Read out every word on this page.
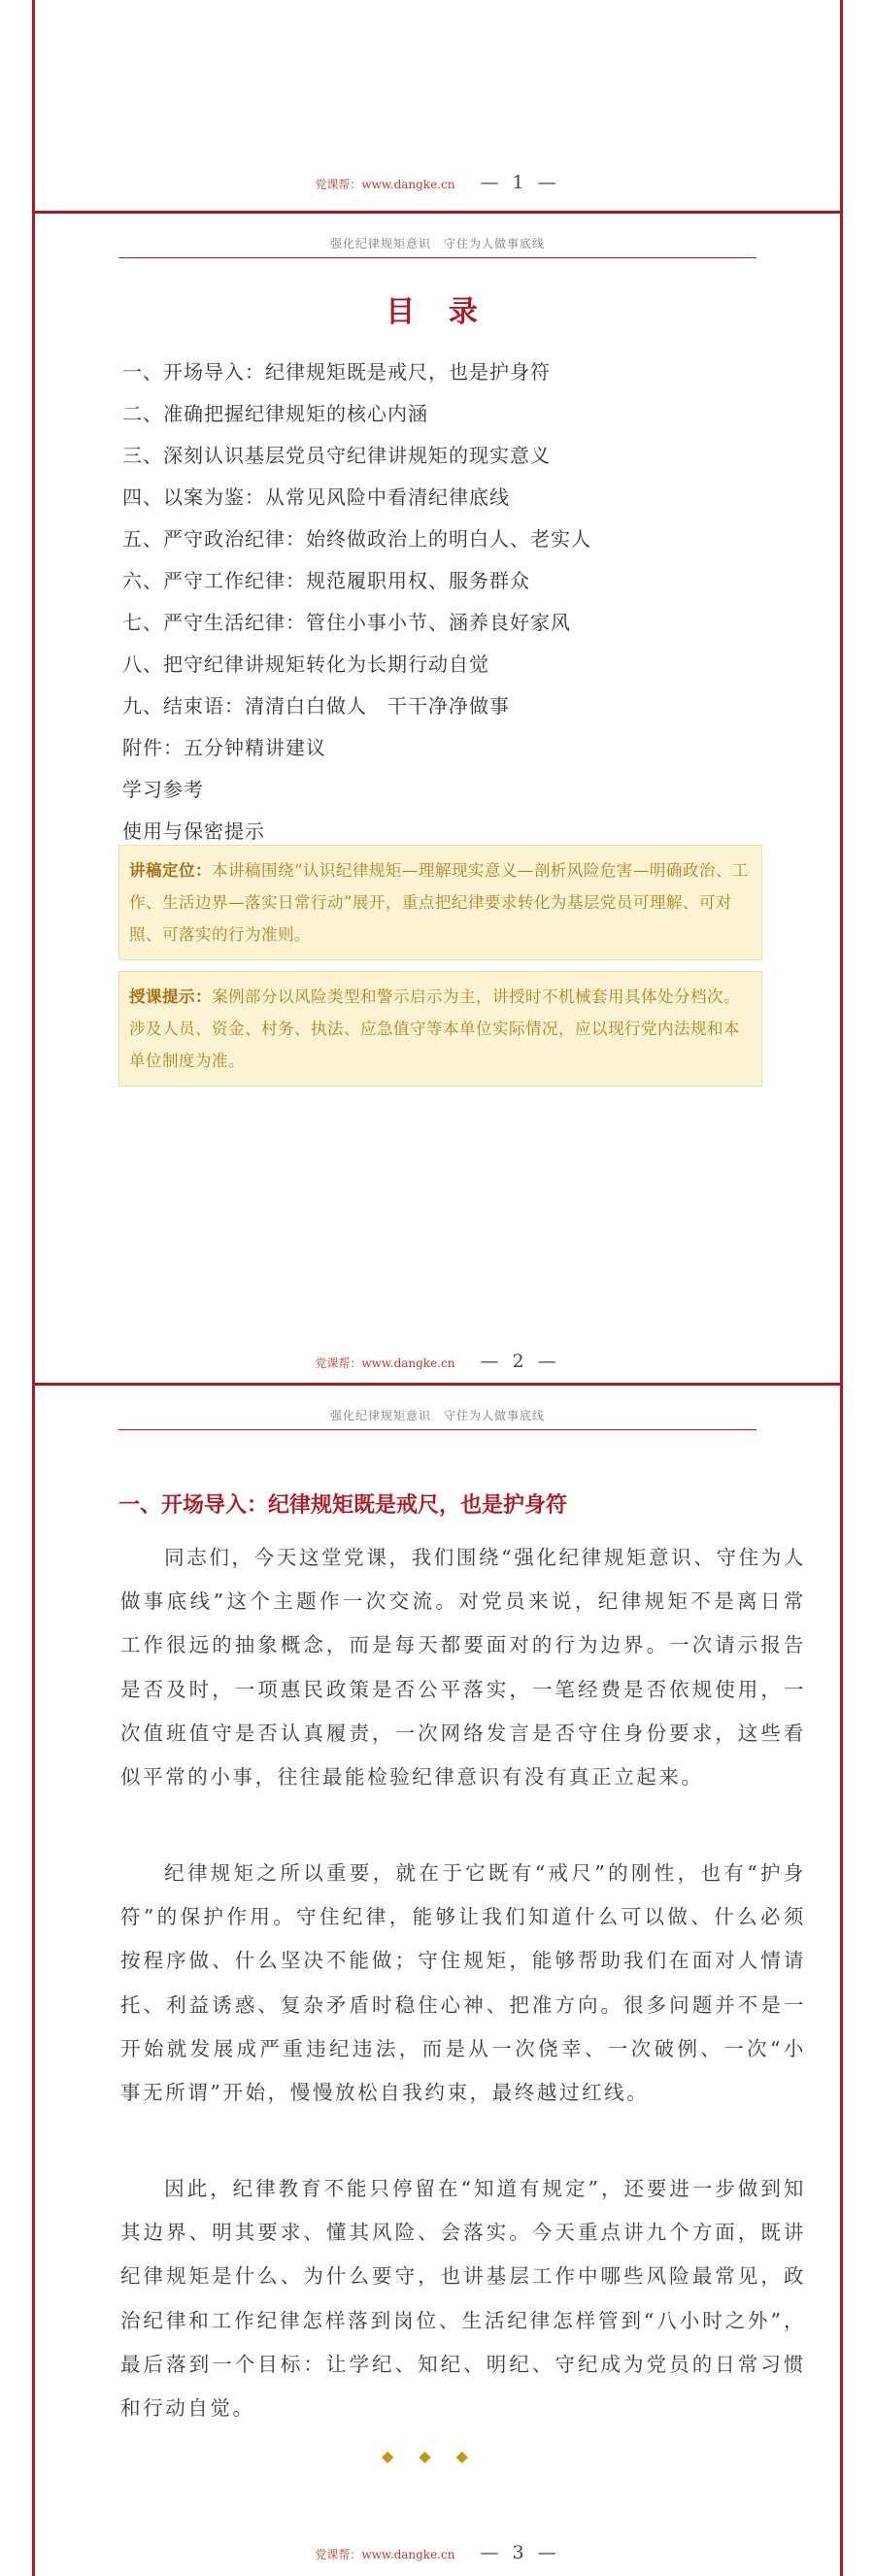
党课帮：www.dangke.cn — 1 —
强化纪律规矩意识　守住为人做事底线
目 录
一、开场导入：纪律规矩既是戒尺，也是护身符
二、准确把握纪律规矩的核心内涵
三、深刻认识基层党员守纪律讲规矩的现实意义
四、以案为鉴：从常见风险中看清纪律底线
五、严守政治纪律：始终做政治上的明白人、老实人
六、严守工作纪律：规范履职用权、服务群众
七、严守生活纪律：管住小事小节、涵养良好家风
八、把守纪律讲规矩转化为长期行动自觉
九、结束语：清清白白做人　干干净净做事
附件：五分钟精讲建议
学习参考
使用与保密提示
讲稿定位：本讲稿围绕“认识纪律规矩—理解现实意义—剖析风险危害—明确政治、工作、生活边界—落实日常行动”展开，重点把纪律要求转化为基层党员可理解、可对照、可落实的行为准则。
授课提示：案例部分以风险类型和警示启示为主，讲授时不机械套用具体处分档次。涉及人员、资金、村务、执法、应急值守等本单位实际情况，应以现行党内法规和本单位制度为准。
党课帮：www.dangke.cn — 2 —
强化纪律规矩意识　守住为人做事底线
一、开场导入：纪律规矩既是戒尺，也是护身符

同志们，今天这堂党课，我们围绕“强化纪律规矩意识、守住为人做事底线”这个主题作一次交流。对党员来说，纪律规矩不是离日常工作很远的抽象概念，而是每天都要面对的行为边界。一次请示报告是否及时，一项惠民政策是否公平落实，一笔经费是否依规使用，一次值班值守是否认真履责，一次网络发言是否守住身份要求，这些看似平常的小事，往往最能检验纪律意识有没有真正立起来。

纪律规矩之所以重要，就在于它既有“戒尺”的刚性，也有“护身符”的保护作用。守住纪律，能够让我们知道什么可以做、什么必须按程序做、什么坚决不能做；守住规矩，能够帮助我们在面对人情请托、利益诱惑、复杂矛盾时稳住心神、把准方向。很多问题并不是一开始就发展成严重违纪违法，而是从一次侥幸、一次破例、一次“小事无所谓”开始，慢慢放松自我约束，最终越过红线。

因此，纪律教育不能只停留在“知道有规定”，还要进一步做到知其边界、明其要求、懂其风险、会落实。今天重点讲九个方面，既讲纪律规矩是什么、为什么要守，也讲基层工作中哪些风险最常见，政治纪律和工作纪律怎样落到岗位、生活纪律怎样管到“八小时之外”，最后落到一个目标：让学纪、知纪、明纪、守纪成为党员的日常习惯和行动自觉。

◆◆◆
党课帮：www.dangke.cn — 3 —
